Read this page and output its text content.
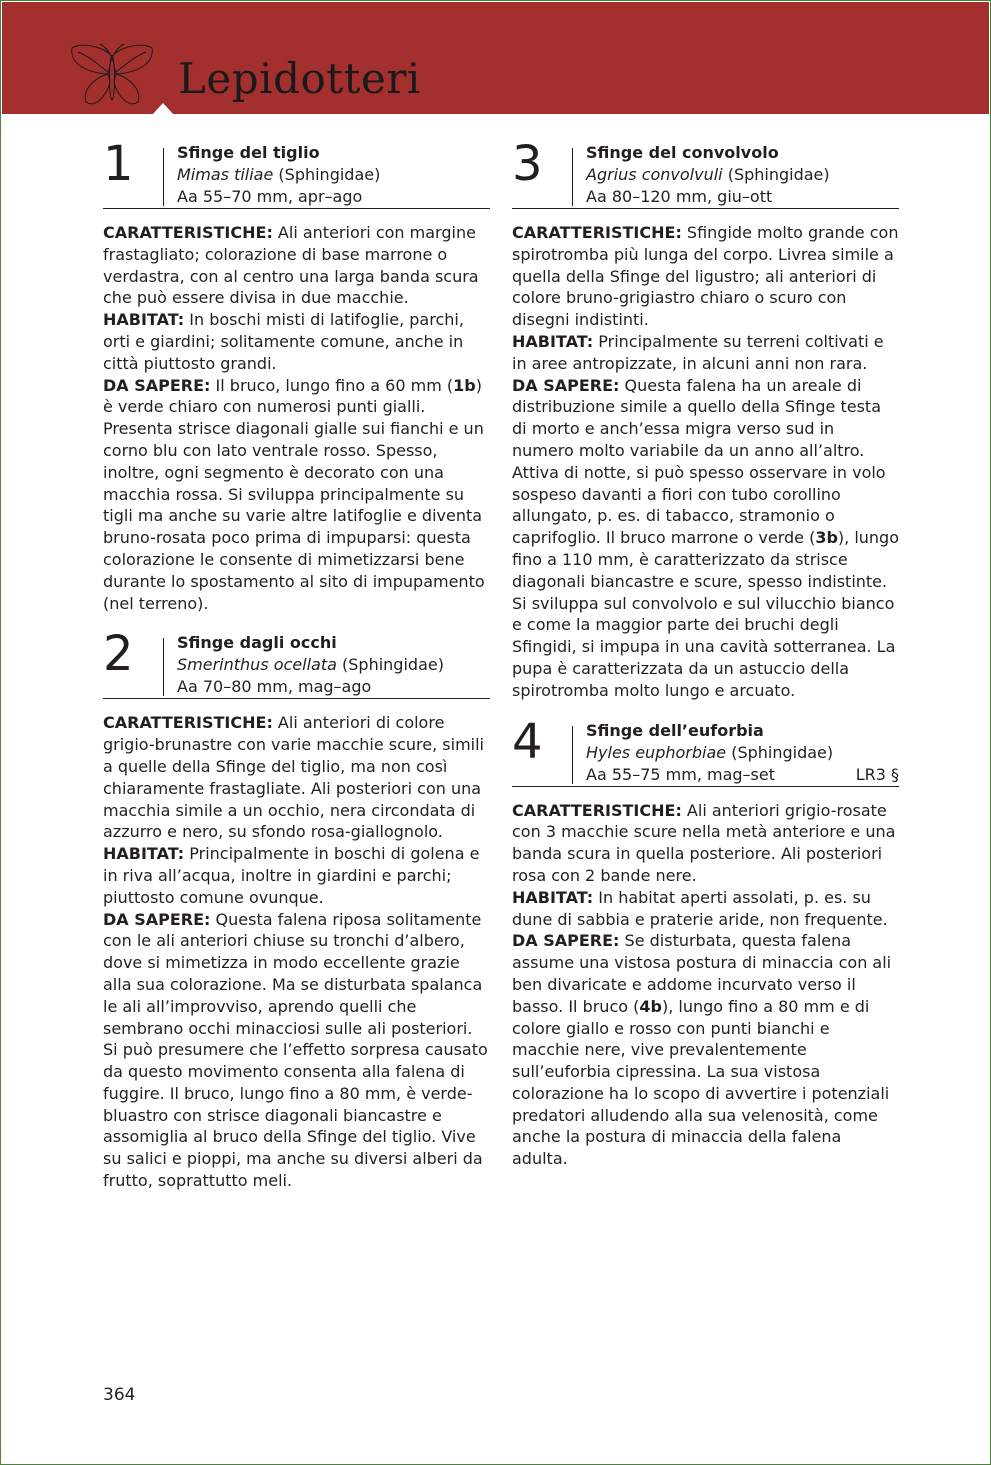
Lepidotteri
1	Sfinge del tiglio
Mimas tiliae (Sphingidae)
Aa 55–70 mm, apr–ago

CARATTERISTICHE: Ali anteriori con margine frastagliato; colorazione di base marrone o verdastra, con al centro una larga banda scura che può essere divisa in due macchie.

HABITAT: In boschi misti di latifoglie, parchi, orti e giardini; solitamente comune, anche in città piuttosto grandi.

DA SAPERE: Il bruco, lungo fino a 60 mm (1b) è verde chiaro con numerosi punti gialli. Presenta strisce diagonali gialle sui fianchi e un corno blu con lato ventrale rosso. Spesso, inoltre, ogni segmento è decorato con una macchia rossa. Si sviluppa principalmente su tigli ma anche su varie altre latifoglie e diventa bruno-rosata poco prima di impuparsi: questa colorazione le consente di mimetizzarsi bene durante lo spostamento al sito di impupamento (nel terreno).

2	Sfinge dagli occhi
Smerinthus ocellata (Sphingidae)
Aa 70–80 mm, mag–ago

CARATTERISTICHE: Ali anteriori di colore grigio-brunastre con varie macchie scure, simili a quelle della Sfinge del tiglio, ma non così chiaramente frastagliate. Ali posteriori con una macchia simile a un occhio, nera circondata di azzurro e nero, su sfondo rosa-giallognolo.

HABITAT: Principalmente in boschi di golena e in riva all’acqua, inoltre in giardini e parchi; piuttosto comune ovunque.

DA SAPERE: Questa falena riposa solitamente con le ali anteriori chiuse su tronchi d’albero, dove si mimetizza in modo eccellente grazie alla sua colorazione. Ma se disturbata spalanca le ali all’improvviso, aprendo quelli che sembrano occhi minacciosi sulle ali posteriori. Si può presumere che l’effetto sorpresa causato da questo movimento consenta alla falena di fuggire. Il bruco, lungo fino a 80 mm, è verde-bluastro con strisce diagonali biancastre e assomiglia al bruco della Sfinge del tiglio. Vive su salici e pioppi, ma anche su diversi alberi da frutto, soprattutto meli.

3	Sfinge del convolvolo
Agrius convolvuli (Sphingidae)
Aa 80–120 mm, giu–ott

CARATTERISTICHE: Sfingide molto grande con spirotromba più lunga del corpo. Livrea simile a quella della Sfinge del ligustro; ali anteriori di colore bruno-grigiastro chiaro o scuro con disegni indistinti.

HABITAT: Principalmente su terreni coltivati e in aree antropizzate, in alcuni anni non rara.

DA SAPERE: Questa falena ha un areale di distribuzione simile a quello della Sfinge testa di morto e anch’essa migra verso sud in numero molto variabile da un anno all’altro. Attiva di notte, si può spesso osservare in volo sospeso davanti a fiori con tubo corollino allungato, p. es. di tabacco, stramonio o caprifoglio. Il bruco marrone o verde (3b), lungo fino a 110 mm, è caratterizzato da strisce diagonali biancastre e scure, spesso indistinte. Si sviluppa sul convolvolo e sul vilucchio bianco e come la maggior parte dei bruchi degli Sfingidi, si impupa in una cavità sotterranea. La pupa è caratterizzata da un astuccio della spirotromba molto lungo e arcuato.

4	Sfinge dell’euforbia
Hyles euphorbiae (Sphingidae)
Aa 55–75 mm, mag–set	LR3 §

CARATTERISTICHE: Ali anteriori grigio-rosate con 3 macchie scure nella metà anteriore e una banda scura in quella posteriore. Ali posteriori rosa con 2 bande nere.

HABITAT: In habitat aperti assolati, p. es. su dune di sabbia e praterie aride, non frequente.

DA SAPERE: Se disturbata, questa falena assume una vistosa postura di minaccia con ali ben divaricate e addome incurvato verso il basso. Il bruco (4b), lungo fino a 80 mm e di colore giallo e rosso con punti bianchi e macchie nere, vive prevalentemente sull’euforbia cipressina. La sua vistosa colorazione ha lo scopo di avvertire i potenziali predatori alludendo alla sua velenosità, come anche la postura di minaccia della falena adulta.

364
